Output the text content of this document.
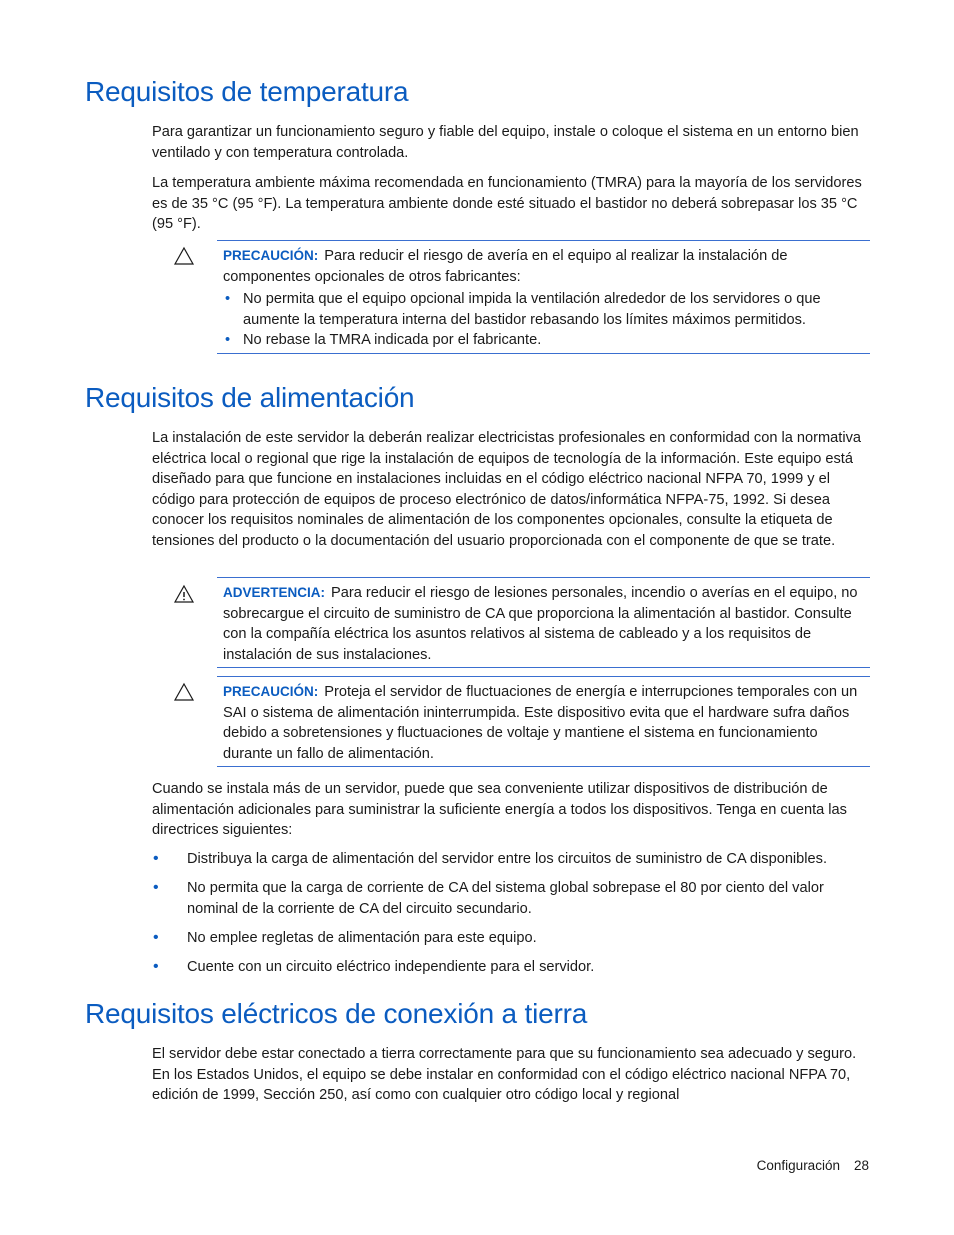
Requisitos de temperatura

Para garantizar un funcionamiento seguro y fiable del equipo, instale o coloque el sistema en un entorno bien ventilado y con temperatura controlada.

La temperatura ambiente máxima recomendada en funcionamiento (TMRA) para la mayoría de los servidores es de 35 °C (95 °F). La temperatura ambiente donde esté situado el bastidor no deberá sobrepasar los 35 °C (95 °F).

PRECAUCIÓN: Para reducir el riesgo de avería en el equipo al realizar la instalación de componentes opcionales de otros fabricantes:
• No permita que el equipo opcional impida la ventilación alrededor de los servidores o que aumente la temperatura interna del bastidor rebasando los límites máximos permitidos.
• No rebase la TMRA indicada por el fabricante.
Requisitos de alimentación

La instalación de este servidor la deberán realizar electricistas profesionales en conformidad con la normativa eléctrica local o regional que rige la instalación de equipos de tecnología de la información. Este equipo está diseñado para que funcione en instalaciones incluidas en el código eléctrico nacional NFPA 70, 1999 y el código para protección de equipos de proceso electrónico de datos/informática NFPA-75, 1992. Si desea conocer los requisitos nominales de alimentación de los componentes opcionales, consulte la etiqueta de tensiones del producto o la documentación del usuario proporcionada con el componente de que se trate.

ADVERTENCIA: Para reducir el riesgo de lesiones personales, incendio o averías en el equipo, no sobrecargue el circuito de suministro de CA que proporciona la alimentación al bastidor. Consulte con la compañía eléctrica los asuntos relativos al sistema de cableado y a los requisitos de instalación de sus instalaciones.
PRECAUCIÓN: Proteja el servidor de fluctuaciones de energía e interrupciones temporales con un SAI o sistema de alimentación ininterrumpida. Este dispositivo evita que el hardware sufra daños debido a sobretensiones y fluctuaciones de voltaje y mantiene el sistema en funcionamiento durante un fallo de alimentación.

Cuando se instala más de un servidor, puede que sea conveniente utilizar dispositivos de distribución de alimentación adicionales para suministrar la suficiente energía a todos los dispositivos. Tenga en cuenta las directrices siguientes:

• Distribuya la carga de alimentación del servidor entre los circuitos de suministro de CA disponibles.
• No permita que la carga de corriente de CA del sistema global sobrepase el 80 por ciento del valor nominal de la corriente de CA del circuito secundario.
• No emplee regletas de alimentación para este equipo.
• Cuente con un circuito eléctrico independiente para el servidor.
Requisitos eléctricos de conexión a tierra

El servidor debe estar conectado a tierra correctamente para que su funcionamiento sea adecuado y seguro. En los Estados Unidos, el equipo se debe instalar en conformidad con el código eléctrico nacional NFPA 70, edición de 1999, Sección 250, así como con cualquier otro código local y regional

Configuración 28
